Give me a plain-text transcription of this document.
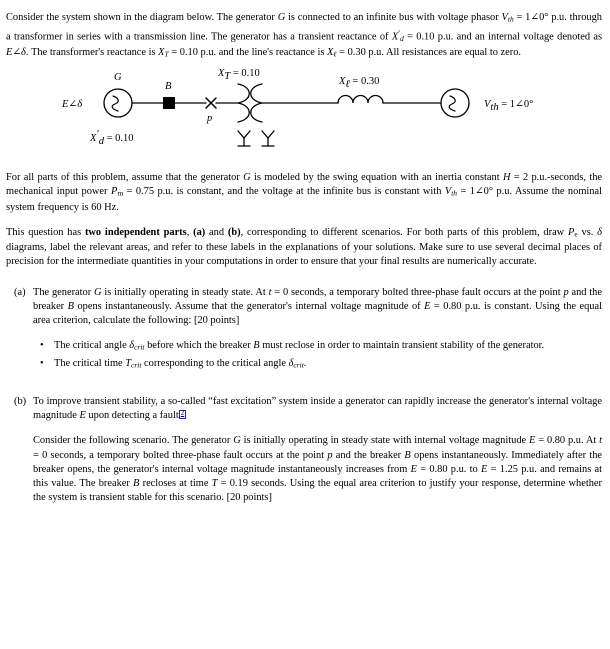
Consider the system shown in the diagram below. The generator G is connected to an infinite bus with voltage phasor $V_{th}$ = 1∠0° p.u. through a transformer in series with a transmission line. The generator has a transient reactance of $X'_d = 0.10$ p.u. and an internal voltage denoted as E∠δ. The transformer's reactance is $X_T = 0.10$ p.u. and the line's reactance is $X_\ell = 0.30$ p.u. All resistances are equal to zero.

E∠δ
G
$X'_d = 0.10$
B
p
XT = 0.10
Xℓ = 0.30
Vth = 1∠0°

For all parts of this problem, assume that the generator G is modeled by the swing equation with an inertia constant H = 2 p.u.-seconds, the mechanical input power $P_m = 0.75$ p.u. is constant, and the voltage at the infinite bus is constant with $V_{th}$ = 1∠0° p.u. Assume the nominal system frequency is 60 Hz.

This question has two independent parts, (a) and (b), corresponding to different scenarios. For both parts of this problem, draw $P_e$ vs. δ diagrams, label the relevant areas, and refer to these labels in the explanations of your solutions. Make sure to use several decimal places of precision for the intermediate quantities in your computations in order to ensure that your final results are numerically accurate.

(a) The generator G is initially operating in steady state. At t = 0 seconds, a temporary bolted three-phase fault occurs at the point p and the breaker B opens instantaneously. Assume that the generator's internal voltage magnitude of E = 0.80 p.u. is constant. Using the equal area criterion, calculate the following: [20 points]
• The critical angle $\delta_{crit}$ before which the breaker B must reclose in order to maintain transient stability of the generator.
• The critical time $T_{crit}$ corresponding to the critical angle $\delta_{crit}$.
(b) To improve transient stability, a so-called “fast excitation” system inside a generator can rapidly increase the generator's internal voltage magnitude E upon detecting a fault 2

Consider the following scenario. The generator G is initially operating in steady state with internal voltage magnitude E = 0.80 p.u. At t = 0 seconds, a temporary bolted three-phase fault occurs at the point p and the breaker B opens instantaneously. Immediately after the breaker opens, the generator's internal voltage magnitude instantaneously increases from E = 0.80 p.u. to E = 1.25 p.u. and remains at this value. The breaker B recloses at time T = 0.19 seconds. Using the equal area criterion to justify your response, determine whether the system is transient stable for this scenario. [20 points]
